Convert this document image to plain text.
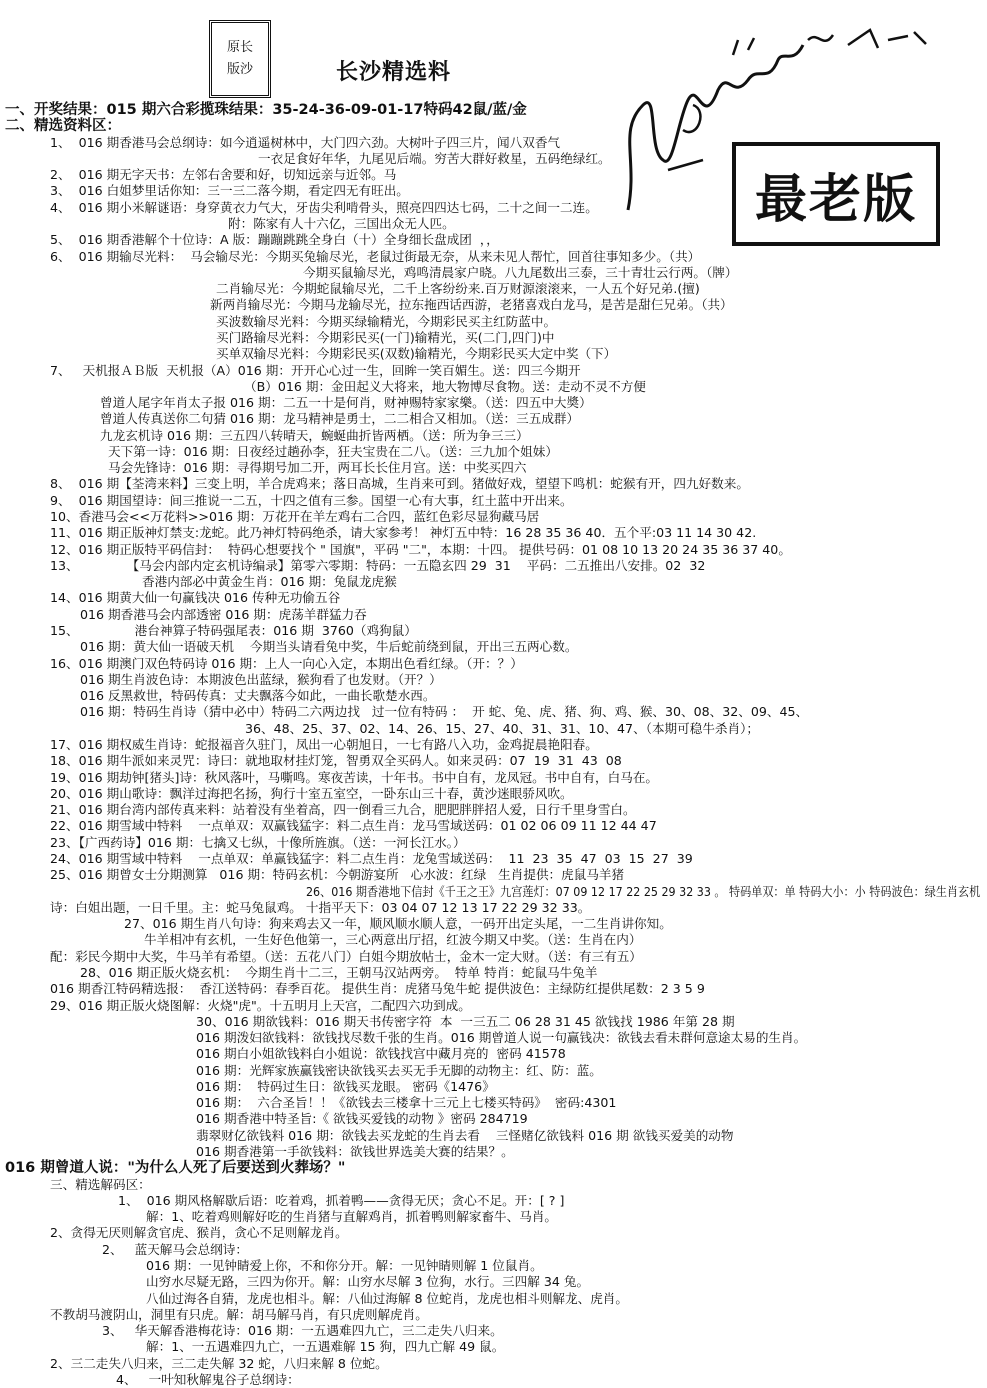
原长
版沙	长沙精选料
最老版
一、开奖结果：015 期六合彩揽珠结果：35-24-36-09-01-17特码42鼠/蓝/金
二、精选资料区：
1、  016 期香港马会总纲诗：如今逍遥树林中，大门四六劲。大树叶子四三片，闻八双香气
一衣足食好年华，九尾见后端。穷苦大群好救星，五码绝绿红。
2、  016 期无字天书：左邻右舍要和好，切知远亲与近邻。马
3、  016 白姐梦里话你知：三一三二落今期，看定四无有旺出。
4、  016 期小米解谜语：身穿黄衣力气大，牙齿尖利啃骨头，照亮四四达七码，二十之间一二连。
附：陈家有人十六亿，三国出众无人匹。
5、  016 期香港解个十位诗：A 版：蹦蹦跳跳全身白（十）全身细长盘成团  ，，
6、  016 期输尽光料：  马会输尽光：今期买兔输尽光，老鼠过街最无奈，从来未见人帮忙，回首往事知多少。（共）
今期买鼠输尽光，鸡鸣清晨家户晓。八九尾数出三泰，三十青壮云行两。（牌）
二肖输尽光：今期蛇鼠输尽光，二千上客纷纷来.百万财源滚滚来，一人五个好兄弟.(擅)
新两肖输尽光：今期马龙输尽光，拉东拖西话西游，老猪喜戏白龙马，是苦是甜仨兄弟。（共）
买波数输尽光料：今期买绿输精光，今期彩民买主红防蓝中。
买门路输尽光料：今期彩民买(一门)输精光，买(二门,四门)中
买单双输尽光料：今期彩民买(双数)输精光，今期彩民买大定中奖（下）
7、   天机报ＡＢ版  天机报（A）016 期：开开心心过一生，回眸一笑百媚生。送：四三今期开
（B）016 期：金田起义大将来，地大物博尽食物。送：走动不灵不方便
曾道人尾字年肖太子报 016 期：二五一十是何肖，财神赐特家家樂。（送：四五中大奬）
曾道人传真送你二句猜 016 期：龙马精神是勇士，二二相合又相加。（送：三五成群）
九龙玄机诗 016 期：三五四八转晴天，蜿蜒曲折皆两栖。（送：所为争三三）
天下第一诗：016 期：日夜经过趟孙李，狂夫宝贵在二八。（送：三九加个姐妹）
马会先锋诗：016 期：寻得期号加二开，两耳长长住月宫。送：中奖买四六
8、  016 期【荃湾来料】三变上明，羊合虎鸡来；落日高城，生肖来可到。猪做好戏，望望下鸣机：蛇猴有开，四九好数来。
9、  016 期国望诗：间三推说一二五，十四之值有三参。国望一心有大事，红土蓝中开出来。
10、香港马会<<万花料>>016 期：万花开在羊左鸡右二合四，蓝红色彩尽显狗藏马居
11、016 期正版神灯禁支:龙蛇。此乃神灯特码绝杀，请大家参考！ 神灯五中特：16 28 35 36 40．五个平:03 11 14 30 42.
12、016 期正版特平码信封：  特码心想要找个 " 国旗"，平码 "二"，本期：十四。 提供号码：01 08 10 13 20 24 35 36 37 40。
13、            【马会内部内定玄机诗编录】第零六零期：特码：一五隐玄四 29  31    平码：二五推出八安排。02  32
香港内部必中黄金生肖：016 期：兔鼠龙虎猴
14、016 期黄大仙一句赢钱决 016 传种无功偷五谷
016 期香港马会内部透密 016 期：虎荡羊群猛力吞
15、              港台神算子特码强尾表：016 期  3760（鸡狗鼠）
016 期：黄大仙一语破天机    今期当头请看兔中奖，牛后蛇前绕到鼠，开出三五两心数。
16、016 期澳门双色特码诗 016 期：上人一向心入定，本期出色看红绿。（开：？）
016 期生肖波色诗：本期波色出蓝绿，猴狗看了也发财。（开？）
016 反黑救世，特码传真：丈夫飘落今如此，一曲长歌楚水西。
016 期：特码生肖诗（猜中必中）特码二六两边找   过一位有特码 ：  开 蛇、兔、虎、猪、狗、鸡、猴、30、08、32、09、45、
36、48、25、37、02、14、26、15、27、40、31、31、10、47、（本期可稳牛杀肖）；
17、016 期权威生肖诗：蛇报福音久驻门，凤出一心朝旭日，一七有路八入功，金鸡捉晨艳阳春。
18、016 期牛派如来灵咒：诗曰：就地取材挂灯笼，智勇双全买码人。如来灵码：07  19  31  43  08
19、016 期劫钟[猪头]诗：秋风落叶，马嘶鸣。寒夜苦读，十年书。书中自有，龙凤冠。书中自有，白马在。
20、016 期山歌诗：飘洋过海把名扬，狗行十室五室空，一卧东山三十春，黄沙迷眼骄风吹。
21、016 期台湾内部传真来料：站着没有坐着高，四一倒看三九合，肥肥胖胖招人爱，日行千里身雪白。
22、016 期雪域中特料    一点单双：双赢钱猛字：料二点生肖：龙马雪域送码：01 02 06 09 11 12 44 47
23、【广西药诗】016 期：七擒又七纵，十像所旌旗。（送：一河长江水。）
24、016 期雪域中特料    一点单双：单赢钱猛字：料二点生肖：龙兔雪域送码：  11  23  35  47  03  15  27  39
25、016 期曾女士分期测算   016 期：特码玄机：今朝游宴所   心水波：红绿   生肖提供：虎鼠马羊猪
26、016 期香港地下信封《千王之王》九宫莲灯：07 09 12 17 22 25 29 32 33 。 特码单双：单 特码大小：小 特码波色：绿生肖玄机
诗：白姐出题，一日千里。主：蛇马兔鼠鸡。 十指平天下：03 04 07 12 13 17 22 29 32 33。
27、016 期生肖八句诗：狗来鸡去又一年，顺风顺水顺人意，一码开出定头尾，一二生肖讲你知。
牛羊相冲有玄机，一生好色他第一，三心两意出厅招，红波今期又中奖。（送：生肖在内）
配：彩民今期中大奖，牛马羊有希望。（送：五花八门）白姐今期放帖士，金木一定大财。（送：有三有五）
28、016 期正版火烧玄机：  今期生肖十二三，王朝马汉站两旁。  特单 特肖：蛇鼠马牛兔羊
016 期香江特码精选报：  香江送特码：春季百花。 提供生肖：虎猪马兔牛蛇 提供波色：主绿防红提供尾数：2 3 5 9
29、016 期正版火烧图解：火烧"虎"。十五明月上天宫，二配四六功到成。
30、016 期欲钱料：016 期天书传密字符  本  一三五二 06 28 31 45 欲钱找 1986 年第 28 期
016 期泼妇欲钱料：欲钱找尽数千张的生肖。016 期曾道人说一句赢钱决：欲钱去看未群何意途太易的生肖。
016 期白小姐欲钱料白小姐说：欲钱找宫中藏月亮的  密码 41578
016 期：光辉家族赢钱密诀欲钱买去买无手无脚的动物主：红、防：蓝。
016 期：  特码过生日：欲钱买龙眼。 密码《1476》
016 期：  六合圣旨！！《欲钱去三楼拿十三元上七楼买特码》  密码:4301
016 期香港中特圣旨:《 欲钱买爱钱的动物 》密码 284719
翡翠财亿欲钱料 016 期：欲钱去买龙蛇的生肖去看    三怪赌亿欲钱料 016 期 欲钱买爱美的动物
016 期香港第一手欲钱料：欲钱世界选美大赛的结果？。
016 期曾道人说："为什么人死了后要送到火葬场？"
三、精选解码区：
1、  016 期风格解歇后语：吃着鸡，抓着鸭——贪得无厌；贪心不足。开：[ ? ]
解：1、吃着鸡则解好吃的生肖猪与直解鸡肖，抓着鸭则解家畜牛、马肖。
2、贪得无厌则解贪官虎、猴肖，贪心不足则解龙肖。
2、   蓝天解马会总纲诗：
016 期：一见钟睛爱上你，不和你分开。解：一见钟睛则解 1 位鼠肖。
山穷水尽疑无路，三四为你开。解：山穷水尽解 3 位狗，水行。三四解 34 兔。
八仙过海各自猜，龙虎也相斗。解：八仙过海解 8 位蛇肖，龙虎也相斗则解龙、虎肖。
不教胡马渡阴山，洞里有只虎。解：胡马解马肖，有只虎则解虎肖。
3、   华天解香港梅花诗：016 期：一五遇难四九亡，三二走失八归来。
解：1、一五遇难四九亡，一五遇难解 15 狗，四九亡解 49 鼠。
2、三二走失八归来，三二走失解 32 蛇，八归来解 8 位蛇。
4、   一叶知秋解鬼谷子总纲诗：
